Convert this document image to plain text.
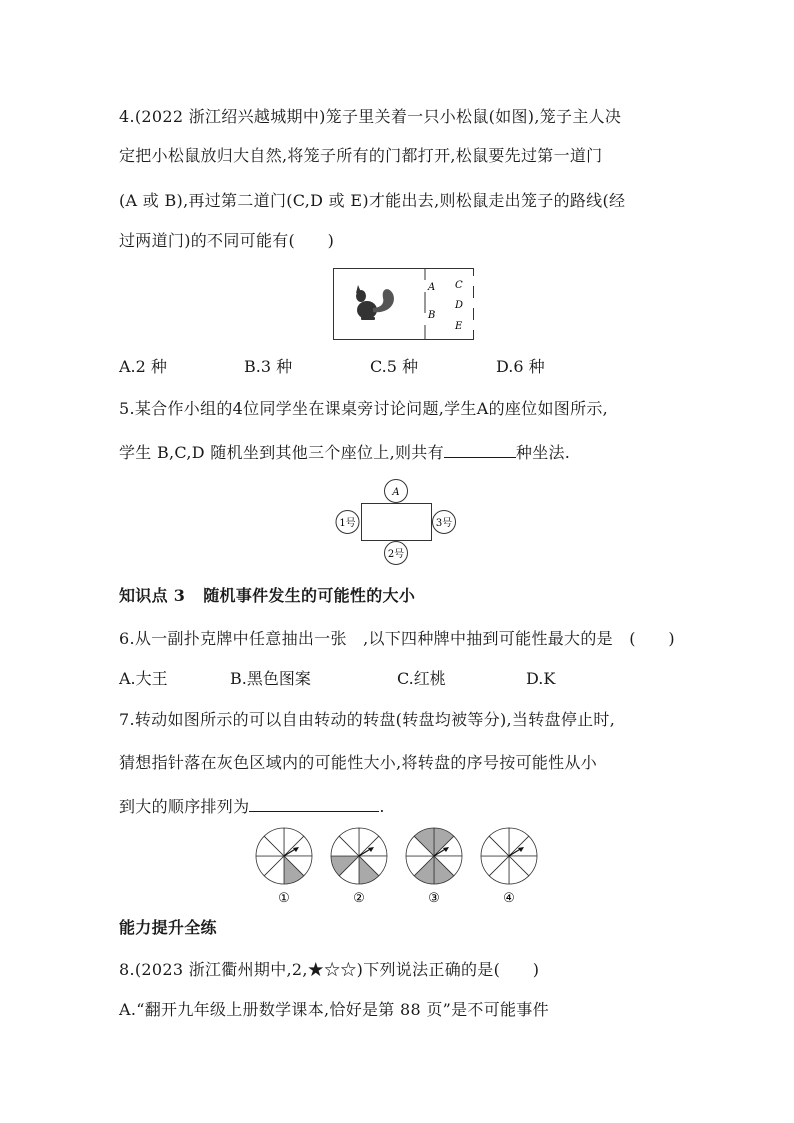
4.(2022 浙江绍兴越城期中)笼子里关着一只小松鼠(如图),笼子主人决
定把小松鼠放归大自然,将笼子所有的门都打开,松鼠要先过第一道门
(A 或 B),再过第二道门(C,D 或 E)才能出去,则松鼠走出笼子的路线(经
过两道门)的不同可能有(　　)
A
B
C
D
E
A.2 种	B.3 种	C.5 种	D.6 种
5.某合作小组的4位同学坐在课桌旁讨论问题,学生A的座位如图所示,
学生 B,C,D 随机坐到其他三个座位上,则共有	种坐法.
A
1号	3号
2号
知识点 3 随机事件发生的可能性的大小
6.从一副扑克牌中任意抽出一张　,以下四种牌中抽到可能性最大的是　(　　)
A.大王	B.黑色图案	C.红桃	D.K
7.转动如图所示的可以自由转动的转盘(转盘均被等分),当转盘停止时,
猜想指针落在灰色区域内的可能性大小,将转盘的序号按可能性从小
到大的顺序排列为	.
①	②	③	④
能力提升全练
8.(2023 浙江衢州期中,2,★☆☆)下列说法正确的是(　　)
A.“翻开九年级上册数学课本,恰好是第 88 页”是不可能事件
